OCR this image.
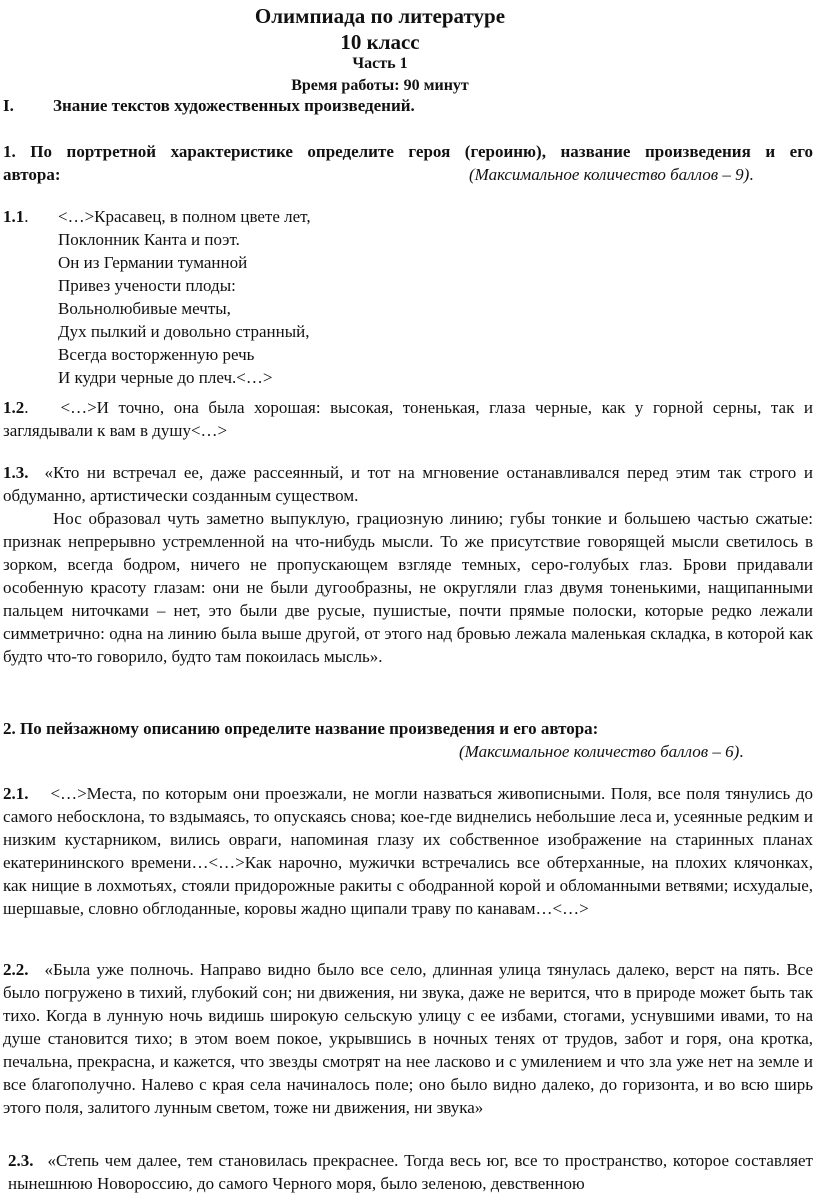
Олимпиада по литературе
10 класс
Часть 1
Время работы: 90 минут
I. Знание текстов художественных произведений.
1. По портретной характеристике определите героя (героиню), название произведения и его
автора:	(Максимальное количество баллов – 9).
1.1. <…>Красавец, в полном цвете лет,
Поклонник Канта и поэт.
Он из Германии туманной
Привез учености плоды:
Вольнолюбивые мечты,
Дух пылкий и довольно странный,
Всегда восторженную речь
И кудри черные до плеч.<…>
1.2. <…>И точно, она была хорошая: высокая, тоненькая, глаза черные, как у горной серны, так и заглядывали к вам в душу<…>
1.3. «Кто ни встречал ее, даже рассеянный, и тот на мгновение останавливался перед этим так строго и обдуманно, артистически созданным существом.
Нос образовал чуть заметно выпуклую, грациозную линию; губы тонкие и большею частью сжатые: признак непрерывно устремленной на что-нибудь мысли. То же присутствие говорящей мысли светилось в зорком, всегда бодром, ничего не пропускающем взгляде темных, серо-голубых глаз. Брови придавали особенную красоту глазам: они не были дугообразны, не округляли глаз двумя тоненькими, нащипанными пальцем ниточками – нет, это были две русые, пушистые, почти прямые полоски, которые редко лежали симметрично: одна на линию была выше другой, от этого над бровью лежала маленькая складка, в которой как будто что-то говорило, будто там покоилась мысль».
2. По пейзажному описанию определите название произведения и его автора:
(Максимальное количество баллов – 6).
2.1. <…>Места, по которым они проезжали, не могли назваться живописными. Поля, все поля тянулись до самого небосклона, то вздымаясь, то опускаясь снова; кое-где виднелись небольшие леса и, усеянные редким и низким кустарником, вились овраги, напоминая глазу их собственное изображение на старинных планах екатерининского времени…<…>Как нарочно, мужички встречались все обтерханные, на плохих клячонках, как нищие в лохмотьях, стояли придорожные ракиты с ободранной корой и обломанными ветвями; исхудалые, шершавые, словно обглоданные, коровы жадно щипали траву по канавам…<…>
2.2. «Была уже полночь. Направо видно было все село, длинная улица тянулась далеко, верст на пять. Все было погружено в тихий, глубокий сон; ни движения, ни звука, даже не верится, что в природе может быть так тихо. Когда в лунную ночь видишь широкую сельскую улицу с ее избами, стогами, уснувшими ивами, то на душе становится тихо; в этом воем покое, укрывшись в ночных тенях от трудов, забот и горя, она кротка, печальна, прекрасна, и кажется, что звезды смотрят на нее ласково и с умилением и что зла уже нет на земле и все благополучно. Налево с края села начиналось поле; оно было видно далеко, до горизонта, и во всю ширь этого поля, залитого лунным светом, тоже ни движения, ни звука»
2.3. «Степь чем далее, тем становилась прекраснее. Тогда весь юг, все то пространство, которое составляет нынешнюю Новороссию, до самого Черного моря, было зеленою, девственною
